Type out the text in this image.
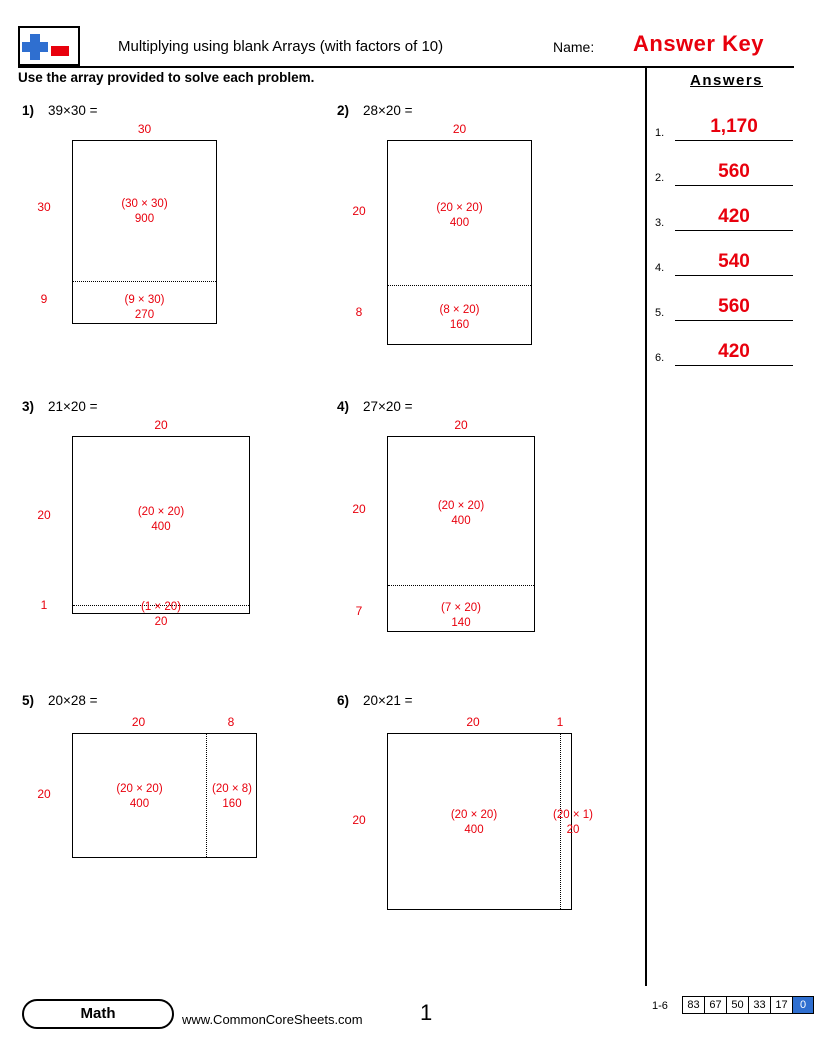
Multiplying using blank Arrays (with factors of 10)	Name: Answer Key
Use the array provided to solve each problem.	Answers
1.	1,170
2.	560
3.	420
4.	540
5.	560
6.	420
1) 39×30 =
30
(30 × 30)
900
(9 × 30)
270
30
9
2) 28×20 =
20
(20 × 20)
400
(8 × 20)
160
20
8
3) 21×20 =
20
(20 × 20)
400
(1 × 20)
20
20
1
4) 27×20 =
20
(20 × 20)
400
(7 × 20)
140
20
7
5) 20×28 =
20	8
(20 × 20)
400
(20 × 8)
160
20
6) 20×21 =
20	1
(20 × 20)
400
(20 × 1)
20
20
Math	www.CommonCoreSheets.com	1	1-6	83 67 50 33 17	0
